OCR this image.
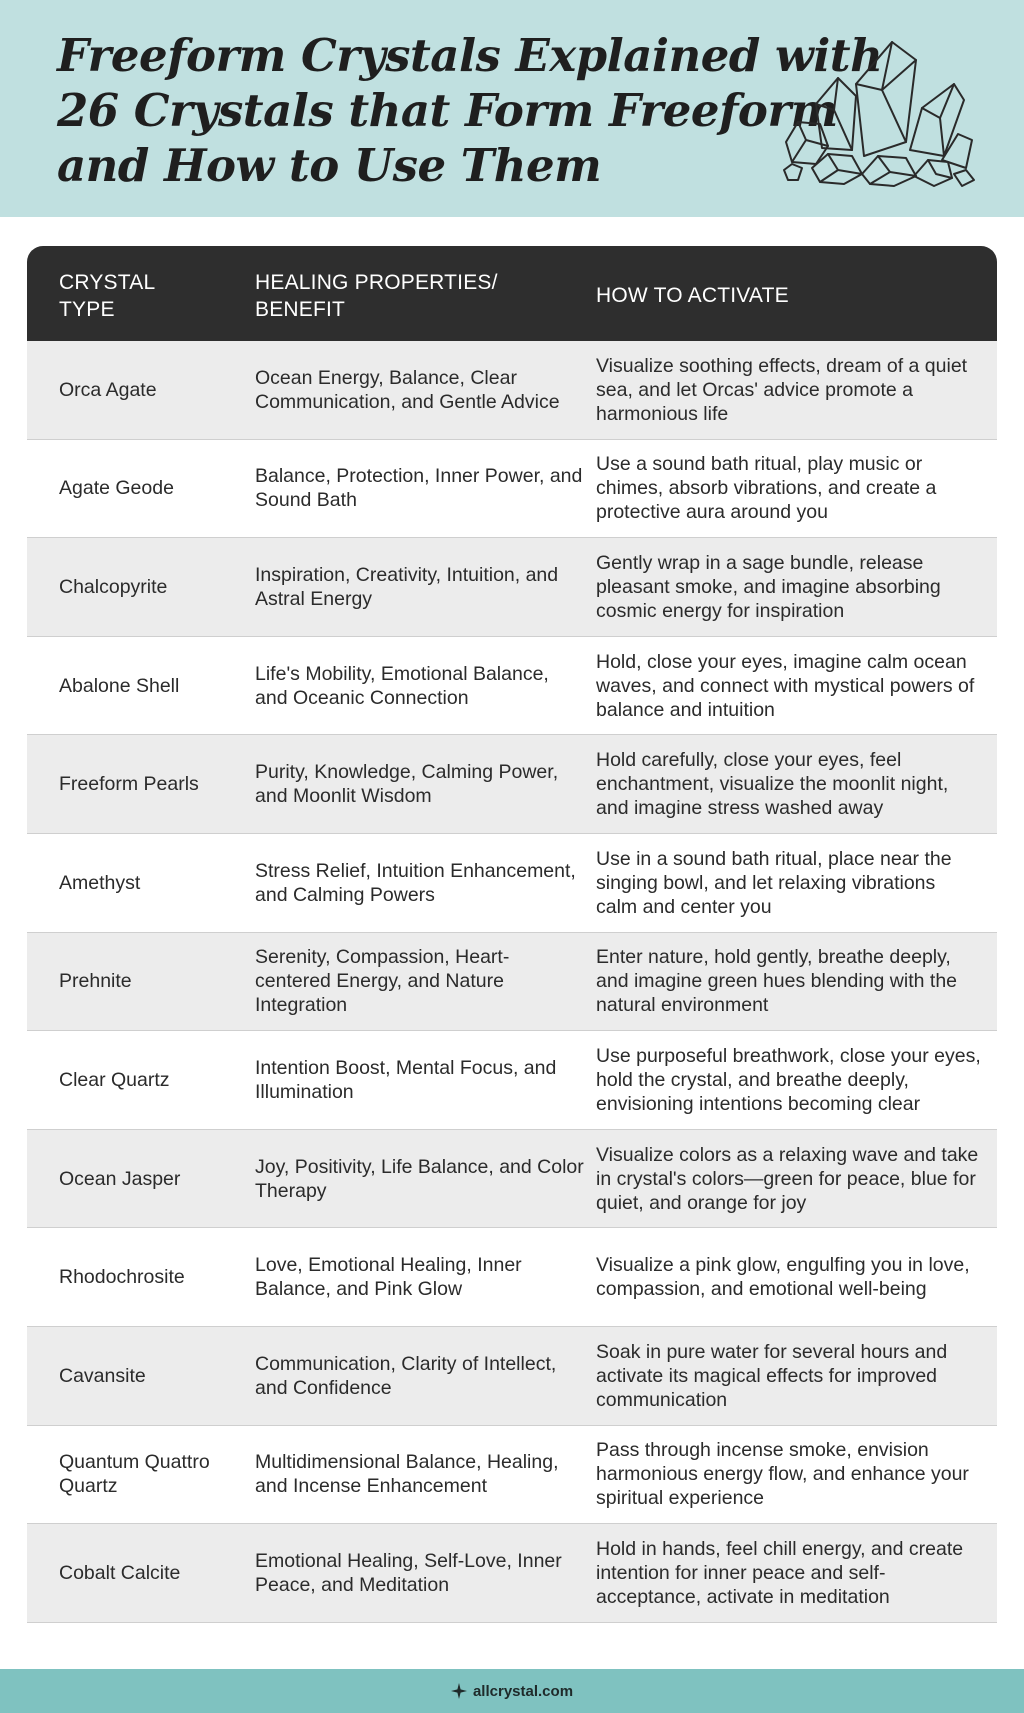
Freeform Crystals Explained with
26 Crystals that Form Freeform
and How to Use Them
CRYSTAL TYPE
HEALING PROPERTIES/ BENEFIT
HOW TO ACTIVATE
Orca Agate
Ocean Energy, Balance, Clear Communication, and Gentle Advice
Visualize soothing effects, dream of a quiet sea, and let Orcas' advice promote a harmonious life
Agate Geode
Balance, Protection, Inner Power, and Sound Bath
Use a sound bath ritual, play music or chimes, absorb vibrations, and create a protective aura around you
Chalcopyrite
Inspiration, Creativity, Intuition, and Astral Energy
Gently wrap in a sage bundle, release pleasant smoke, and imagine absorbing cosmic energy for inspiration
Abalone Shell
Life's Mobility, Emotional Balance, and Oceanic Connection
Hold, close your eyes, imagine calm ocean waves, and connect with mystical powers of balance and intuition
Freeform Pearls
Purity, Knowledge, Calming Power, and Moonlit Wisdom
Hold carefully, close your eyes, feel enchantment, visualize the moonlit night, and imagine stress washed away
Amethyst
Stress Relief, Intuition Enhancement, and Calming Powers
Use in a sound bath ritual, place near the singing bowl, and let relaxing vibrations calm and center you
Prehnite
Serenity, Compassion, Heart-centered Energy, and Nature Integration
Enter nature, hold gently, breathe deeply, and imagine green hues blending with the natural environment
Clear Quartz
Intention Boost, Mental Focus, and Illumination
Use purposeful breathwork, close your eyes, hold the crystal, and breathe deeply, envisioning intentions becoming clear
Ocean Jasper
Joy, Positivity, Life Balance, and Color Therapy
Visualize colors as a relaxing wave and take in crystal's colors—green for peace, blue for quiet, and orange for joy
Rhodochrosite
Love, Emotional Healing, Inner Balance, and Pink Glow
Visualize a pink glow, engulfing you in love, compassion, and emotional well-being
Cavansite
Communication, Clarity of Intellect, and Confidence
Soak in pure water for several hours and activate its magical effects for improved communication
Quantum Quattro Quartz
Multidimensional Balance, Healing, and Incense Enhancement
Pass through incense smoke, envision harmonious energy flow, and enhance your spiritual experience
Cobalt Calcite
Emotional Healing, Self-Love, Inner Peace, and Meditation
Hold in hands, feel chill energy, and create intention for inner peace and self-acceptance, activate in meditation
allcrystal.com
